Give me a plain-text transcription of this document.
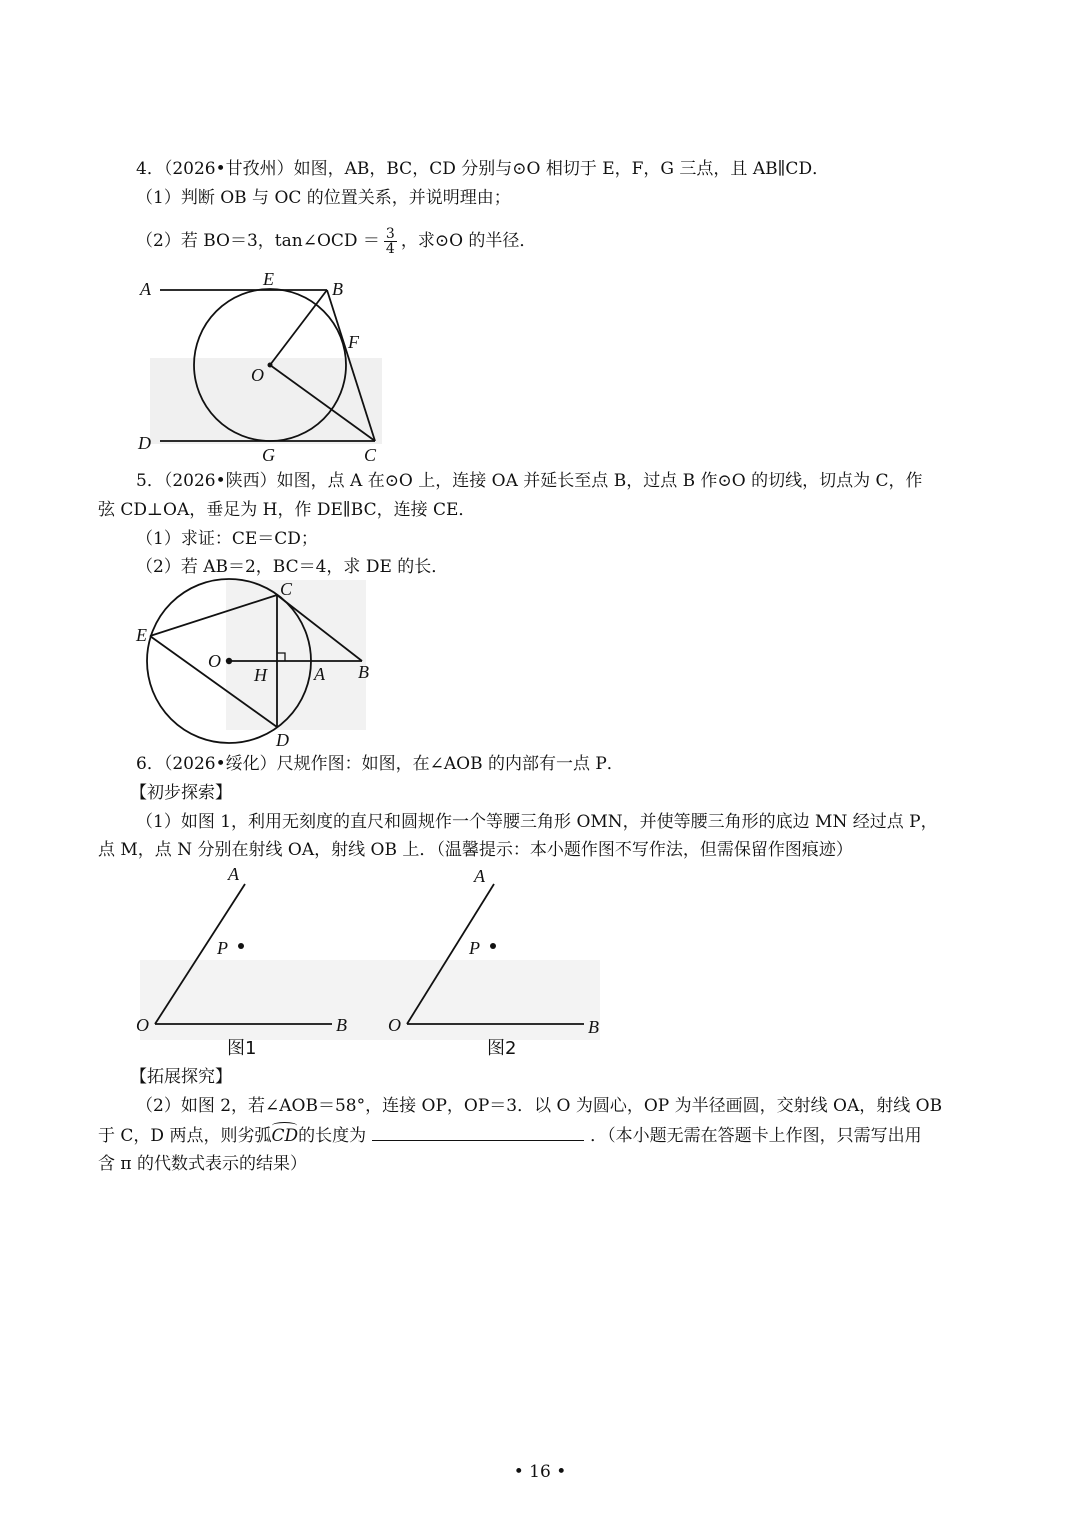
4．（2026•甘孜州）如图，AB，BC，CD 分别与⊙O 相切于 E，F，G 三点，且 AB∥CD．
（1）判断 OB 与 OC 的位置关系，并说明理由；
（2）若 BO＝3，tan∠OCD ＝ $\frac{3}{4}$ ，求⊙O 的半径．
A	E	B
F
O
D
G	C
5．（2026•陕西）如图，点 A 在⊙O 上，连接 OA 并延长至点 B，过点 B 作⊙O 的切线，切点为 C，作
弦 CD⊥OA，垂足为 H，作 DE∥BC，连接 CE．
（1）求证：CE＝CD；
（2）若 AB＝2，BC＝4，求 DE 的长．
C
E
O
H	A B
D
6．（2026•绥化）尺规作图：如图，在∠AOB 的内部有一点 P．
【初步探索】
（1）如图 1，利用无刻度的直尺和圆规作一个等腰三角形 OMN，并使等腰三角形的底边 MN 经过点 P，
点 M，点 N 分别在射线 OA，射线 OB 上．（温馨提示：本小题作图不写作法，但需保留作图痕迹）
A
P
O	B
图1
A
P
O	B
图2
【拓展探究】
（2）如图 2，若∠AOB＝58°，连接 OP，OP＝3．以 O 为圆心，OP 为半径画圆，交射线 OA，射线 OB
于 C，D 两点，则劣弧CD的长度为	．（本小题无需在答题卡上作图，只需写出用
含 π 的代数式表示的结果）
• 16 •
